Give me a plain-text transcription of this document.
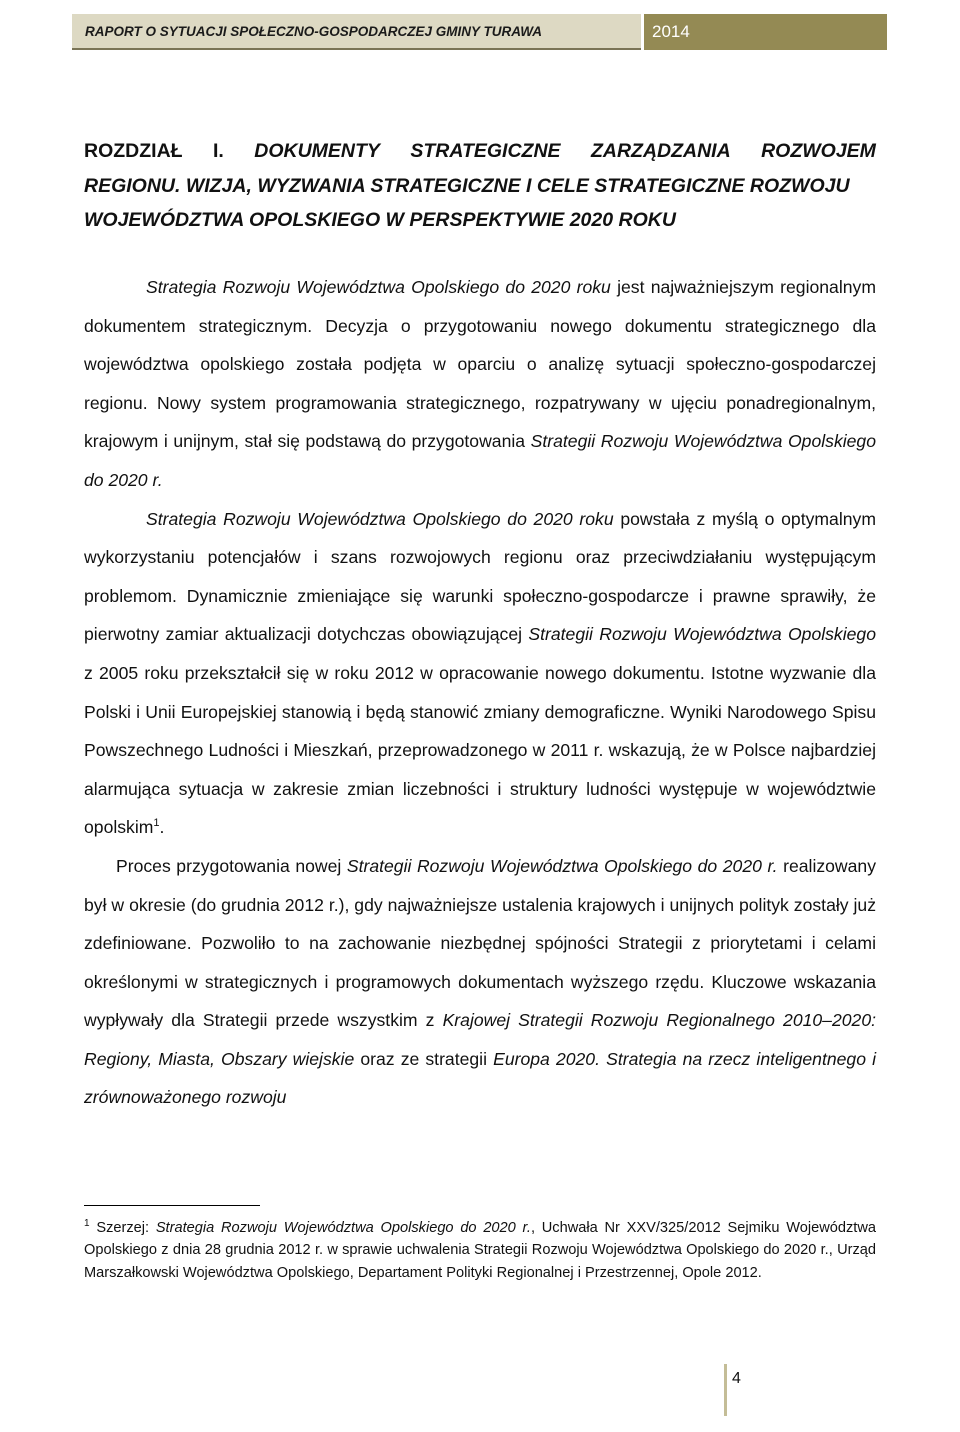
RAPORT O SYTUACJI SPOŁECZNO-GOSPODARCZEJ GMINY TURAWA	2014
ROZDZIAŁ I. DOKUMENTY STRATEGICZNE ZARZĄDZANIA ROZWOJEM
REGIONU. WIZJA, WYZWANIA STRATEGICZNE I CELE STRATEGICZNE ROZWOJU
WOJEWÓDZTWA OPOLSKIEGO W PERSPEKTYWIE 2020 ROKU

Strategia Rozwoju Województwa Opolskiego do 2020 roku jest najważniejszym regionalnym dokumentem strategicznym. Decyzja o przygotowaniu nowego dokumentu strategicznego dla województwa opolskiego została podjęta w oparciu o analizę sytuacji społeczno-gospodarczej regionu. Nowy system programowania strategicznego, rozpatrywany w ujęciu ponadregionalnym, krajowym i unijnym, stał się podstawą do przygotowania Strategii Rozwoju Województwa Opolskiego do 2020 r.

Strategia Rozwoju Województwa Opolskiego do 2020 roku powstała z myślą o optymalnym wykorzystaniu potencjałów i szans rozwojowych regionu oraz przeciwdziałaniu występującym problemom. Dynamicznie zmieniające się warunki społeczno-gospodarcze i prawne sprawiły, że pierwotny zamiar aktualizacji dotychczas obowiązującej Strategii Rozwoju Województwa Opolskiego z 2005 roku przekształcił się w roku 2012 w opracowanie nowego dokumentu. Istotne wyzwanie dla Polski i Unii Europejskiej stanowią i będą stanowić zmiany demograficzne. Wyniki Narodowego Spisu Powszechnego Ludności i Mieszkań, przeprowadzonego w 2011 r. wskazują, że w Polsce najbardziej alarmująca sytuacja w zakresie zmian liczebności i struktury ludności występuje w województwie opolskim$^1$.

Proces przygotowania nowej Strategii Rozwoju Województwa Opolskiego do 2020 r. realizowany był w okresie (do grudnia 2012 r.), gdy najważniejsze ustalenia krajowych i unijnych polityk zostały już zdefiniowane. Pozwoliło to na zachowanie niezbędnej spójności Strategii z priorytetami i celami określonymi w strategicznych i programowych dokumentach wyższego rzędu. Kluczowe wskazania wypływały dla Strategii przede wszystkim z Krajowej Strategii Rozwoju Regionalnego 2010–2020: Regiony, Miasta, Obszary wiejskie oraz ze strategii Europa 2020. Strategia na rzecz inteligentnego i zrównoważonego rozwoju

$^1$ Szerzej: Strategia Rozwoju Województwa Opolskiego do 2020 r., Uchwała Nr XXV/325/2012 Sejmiku Województwa Opolskiego z dnia 28 grudnia 2012 r. w sprawie uchwalenia Strategii Rozwoju Województwa Opolskiego do 2020 r., Urząd Marszałkowski Województwa Opolskiego, Departament Polityki Regionalnej i Przestrzennej, Opole 2012.

4
